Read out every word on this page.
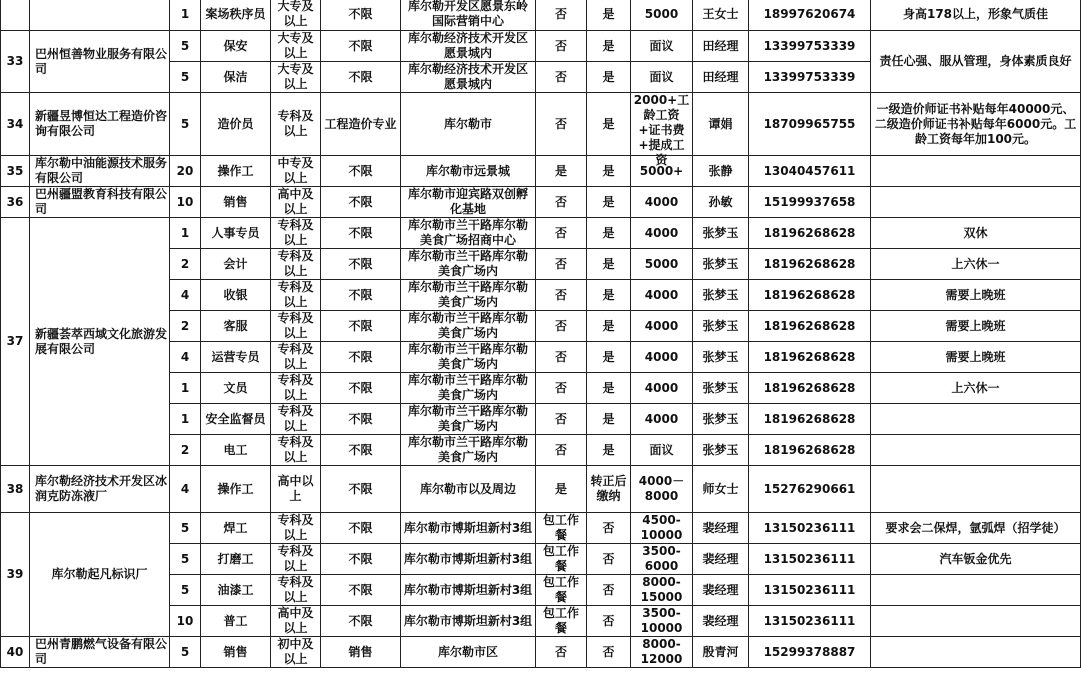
		1	案场秩序员	大专及以上	不限	库尔勒开发区愿景东岭国际营销中心	否	是	5000	王女士	18997620674	身高178以上，形象气质佳
33	巴州恒善物业服务有限公司	5	保安	大专及以上	不限	库尔勒经济技术开发区愿景城内	否	是	面议	田经理	13399753339	责任心强、服从管理，身体素质良好
		5	保洁	大专及以上	不限	库尔勒经济技术开发区愿景城内	否	是	面议	田经理	13399753339	
34	新疆昱博恒达工程造价咨询有限公司	5	造价员	专科及以上	工程造价专业	库尔勒市	否	是	2000+工龄工资+证书费+提成工资	谭娟	18709965755	一级造价师证书补贴每年40000元、二级造价师证书补贴每年6000元。工龄工资每年加100元。

35	库尔勒中油能源技术服务有限公司	20	操作工	中专及以上	不限	库尔勒市远景城	是	是	5000+	张静	13040457611	
36	巴州疆盟教育科技有限公司	10	销售	高中及以上	不限	库尔勒市迎宾路双创孵化基地	否	是	4000	孙敏	15199937658	
37	新疆荟萃西域文化旅游发展有限公司	1	人事专员	专科及以上	不限	库尔勒市兰干路库尔勒美食广场招商中心	否	是	4000	张梦玉	18196268628	双休
		2	会计	专科及以上	不限	库尔勒市兰干路库尔勒美食广场内	否	是	5000	张梦玉	18196268628	上六休一
		4	收银	专科及以上	不限	库尔勒市兰干路库尔勒美食广场内	否	是	4000	张梦玉	18196268628	需要上晚班
		2	客服	专科及以上	不限	库尔勒市兰干路库尔勒美食广场内	否	是	4000	张梦玉	18196268628	需要上晚班
		4	运营专员	专科及以上	不限	库尔勒市兰干路库尔勒美食广场内	否	是	4000	张梦玉	18196268628	需要上晚班
		1	文员	专科及以上	不限	库尔勒市兰干路库尔勒美食广场内	否	是	4000	张梦玉	18196268628	上六休一
		1	安全监督员	专科及以上	不限	库尔勒市兰干路库尔勒美食广场内	否	是	4000	张梦玉	18196268628	
		2	电工	专科及以上	不限	库尔勒市兰干路库尔勒美食广场内	否	是	面议	张梦玉	18196268628	
38	库尔勒经济技术开发区冰润克防冻液厂	4	操作工	高中以上	不限	库尔勒市以及周边	是	转正后缴纳	4000－8000	师女士	15276290661	
39	库尔勒起凡标识厂	5	焊工	专科及以上	不限	库尔勒市博斯坦新村3组	包工作餐	否	4500-10000	裴经理	13150236111	要求会二保焊，氩弧焊（招学徒）
		5	打磨工	专科及以上	不限	库尔勒市博斯坦新村3组	包工作餐	否	3500-6000	裴经理	13150236111	汽车钣金优先
		5	油漆工	专科及以上	不限	库尔勒市博斯坦新村3组	包工作餐	否	8000-15000	裴经理	13150236111	
		10	普工	高中及以上	不限	库尔勒市博斯坦新村3组	包工作餐	否	3500-10000	裴经理	13150236111	
40	巴州青鹏燃气设备有限公司	5	销售	初中及以上	销售	库尔勒市区	否	否	8000-12000	殷青河	15299378887	
